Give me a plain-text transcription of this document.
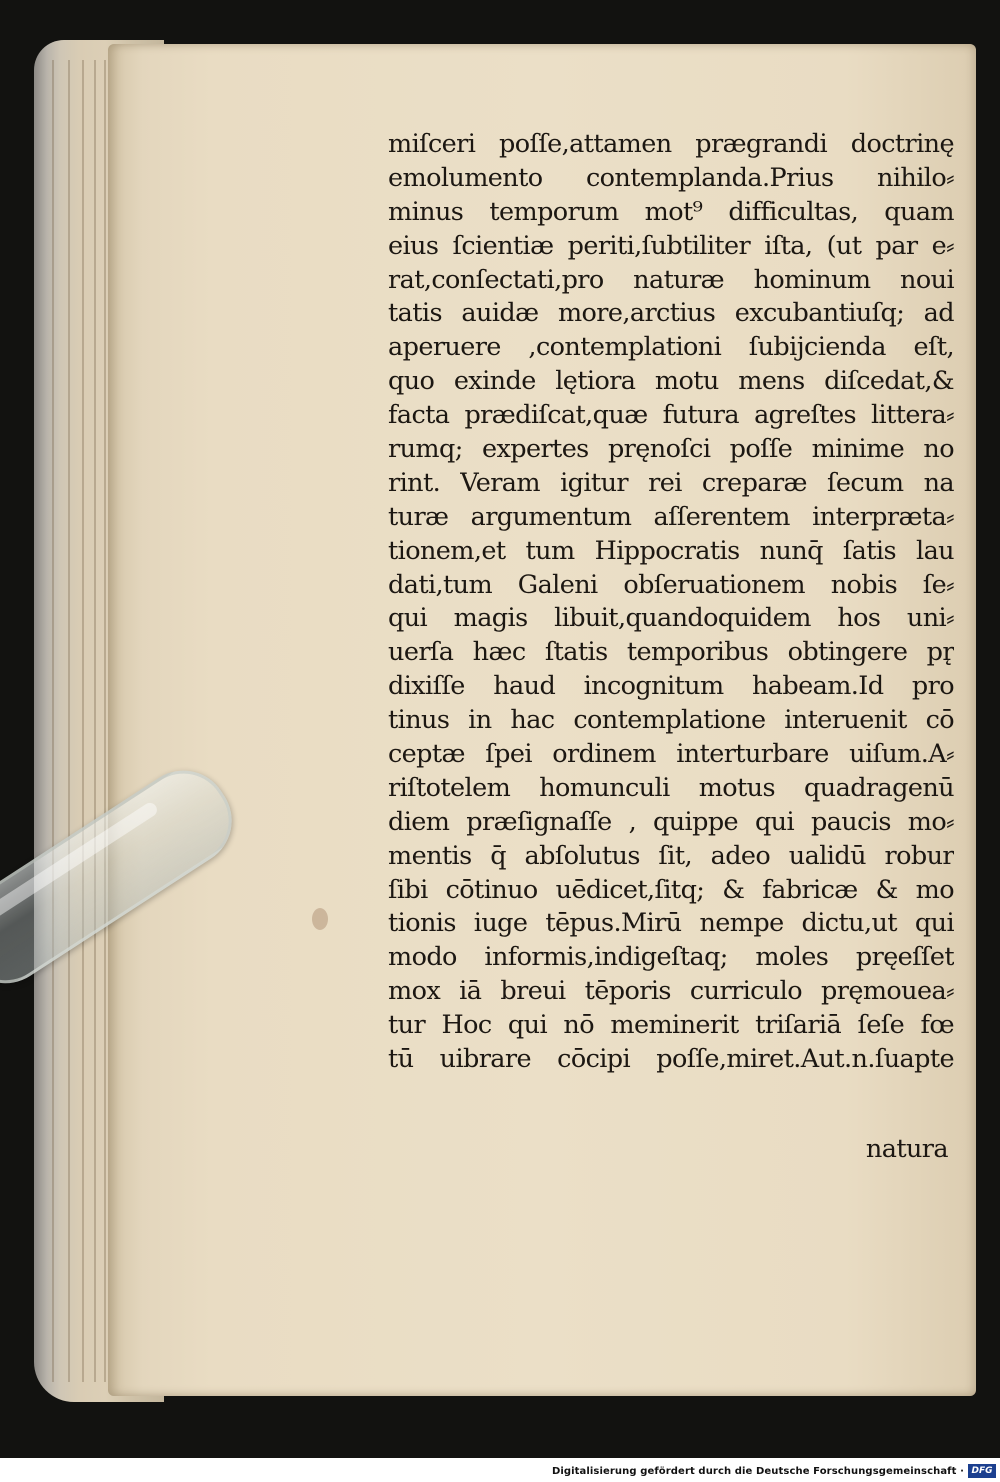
miſceri poſſe,attamen prægrandi doctrinę
emolumento contemplanda.Prius nihilo⸗
minus temporum mot⁹ difficultas, quam
eius ſcientiæ periti,ſubtiliter iſta, (ut par e⸗
rat,conſectati,pro naturæ hominum noui
tatis auidæ more,arctius excubantiuſq; ad
aperuere ,contemplationi ſubijcienda eſt,
quo exinde lętiora motu mens diſcedat,&
facta prædiſcat,quæ futura agreſtes littera⸗
rumq; expertes pręnoſci poſſe minime no
rint. Veram igitur rei creparæ ſecum na
turæ argumentum aſſerentem interpræta⸗
tionem,et tum Hippocratis nunq̄ ſatis lau
dati,tum Galeni obſeruationem nobis ſe⸗
qui magis libuit,quandoquidem hos uni⸗
uerſa hæc ſtatis temporibus obtingere pr̨
dixiſſe haud incognitum habeam.Id pro
tinus in hac contemplatione interuenit cō
ceptæ ſpei ordinem interturbare uiſum.A⸗
riſtotelem homunculi motus quadragenū
diem præſignaſſe , quippe qui paucis mo⸗
mentis q̄ abſolutus ſit, adeo ualidū robur
ſibi cōtinuo uēdicet,ſitq; & fabricæ & mo
tionis iuge tēpus.Mirū nempe dictu,ut qui
modo informis,indigeſtaq; moles pręeſſet
mox iā breui tēporis curriculo pręmouea⸗
tur Hoc qui nō meminerit triſariā ſeſe fœ
tū uibrare cōcipi poſſe,miret.Aut.n.ſuapte
natura
Digitalisierung gefördert durch die Deutsche Forschungsgemeinschaft · DFG
